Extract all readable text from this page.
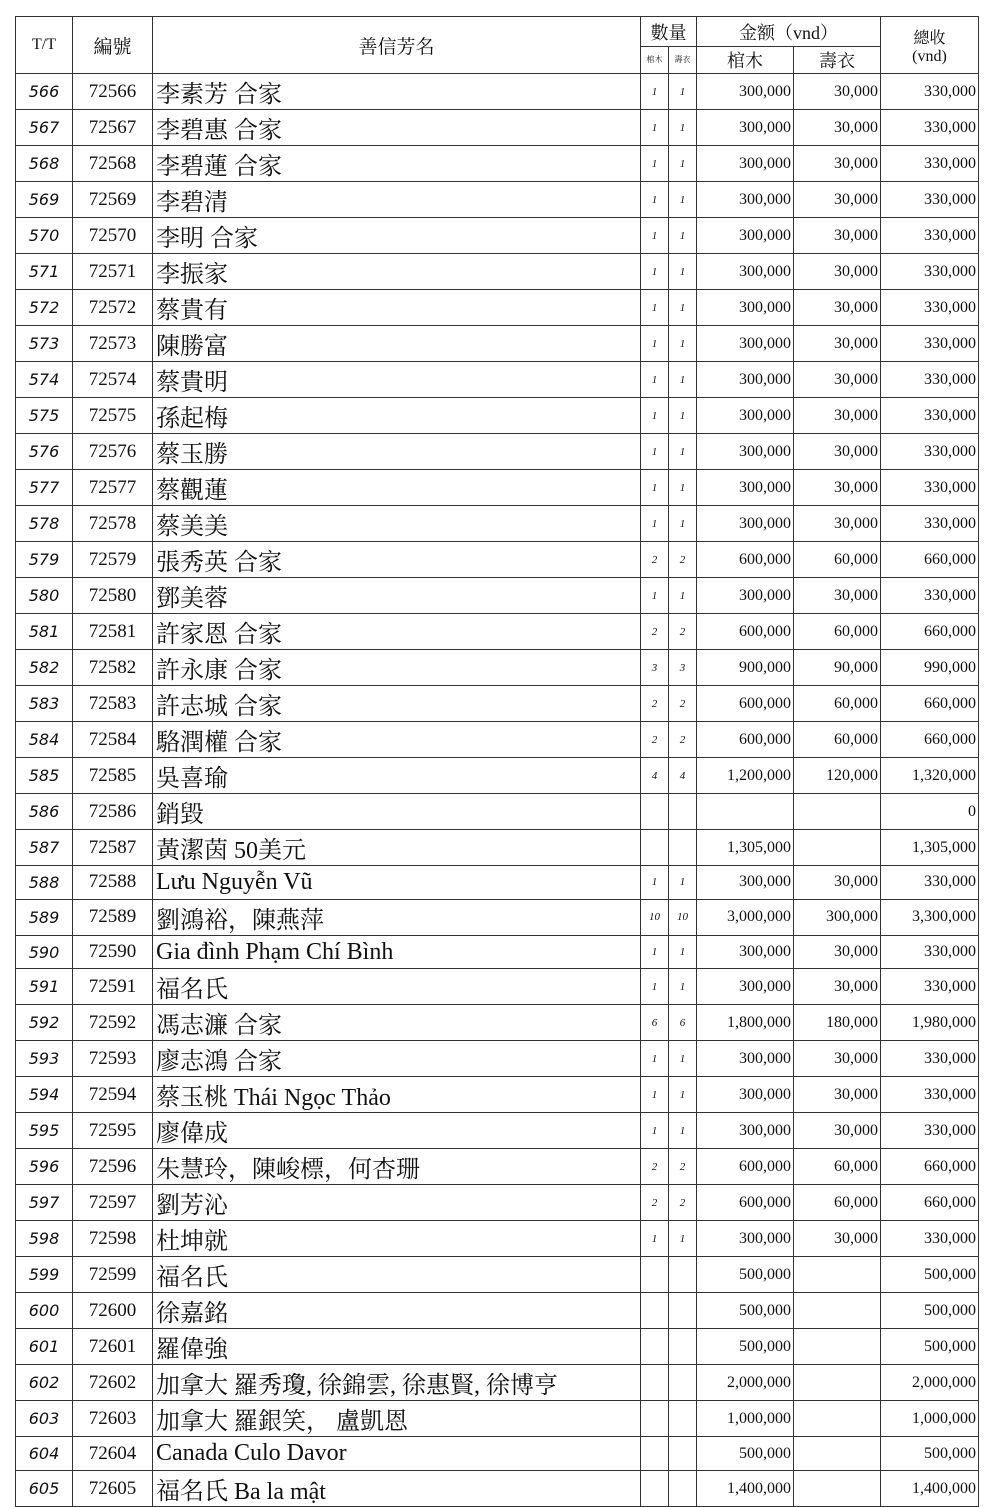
T/T	編號	善信芳名	數量		金额（vnd）		總收
(vnd)

			棺木	壽衣	棺木	壽衣	
566	72566	李素芳 合家	1	1	300,000	30,000	330,000
567	72567	李碧惠 合家	1	1	300,000	30,000	330,000
568	72568	李碧蓮 合家	1	1	300,000	30,000	330,000
569	72569	李碧清	1	1	300,000	30,000	330,000
570	72570	李明 合家	1	1	300,000	30,000	330,000
571	72571	李振家	1	1	300,000	30,000	330,000
572	72572	蔡貴有	1	1	300,000	30,000	330,000
573	72573	陳勝富	1	1	300,000	30,000	330,000
574	72574	蔡貴明	1	1	300,000	30,000	330,000
575	72575	孫起梅	1	1	300,000	30,000	330,000
576	72576	蔡玉勝	1	1	300,000	30,000	330,000
577	72577	蔡觀蓮	1	1	300,000	30,000	330,000
578	72578	蔡美美	1	1	300,000	30,000	330,000
579	72579	張秀英 合家	2	2	600,000	60,000	660,000
580	72580	鄧美蓉	1	1	300,000	30,000	330,000
581	72581	許家恩 合家	2	2	600,000	60,000	660,000
582	72582	許永康 合家	3	3	900,000	90,000	990,000
583	72583	許志城 合家	2	2	600,000	60,000	660,000
584	72584	駱潤權 合家	2	2	600,000	60,000	660,000
585	72585	吳喜瑜	4	4	1,200,000	120,000	1,320,000
586	72586	銷毀					0
587	72587	黃潔茵 50美元			1,305,000		1,305,000
588	72588	Lưu Nguyễn Vũ	1	1	300,000	30,000	330,000
589	72589	劉鴻裕，陳燕萍	10	10	3,000,000	300,000	3,300,000
590	72590	Gia đình Phạm Chí Bình	1	1	300,000	30,000	330,000
591	72591	福名氏	1	1	300,000	30,000	330,000
592	72592	馮志濂 合家	6	6	1,800,000	180,000	1,980,000
593	72593	廖志鴻 合家	1	1	300,000	30,000	330,000
594	72594	蔡玉桃 Thái Ngọc Thảo	1	1	300,000	30,000	330,000
595	72595	廖偉成	1	1	300,000	30,000	330,000
596	72596	朱慧玲，陳峻標，何杏珊	2	2	600,000	60,000	660,000
597	72597	劉芳沁	2	2	600,000	60,000	660,000
598	72598	杜坤就	1	1	300,000	30,000	330,000
599	72599	福名氏			500,000		500,000
600	72600	徐嘉銘			500,000		500,000
601	72601	羅偉強			500,000		500,000
602	72602	加拿大 羅秀瓊, 徐錦雲, 徐惠賢, 徐博亨			2,000,000		2,000,000
603	72603	加拿大 羅銀笑， 盧凱恩			1,000,000		1,000,000
604	72604	Canada Culo Davor			500,000		500,000
605	72605	福名氏 Ba la mật			1,400,000		1,400,000
